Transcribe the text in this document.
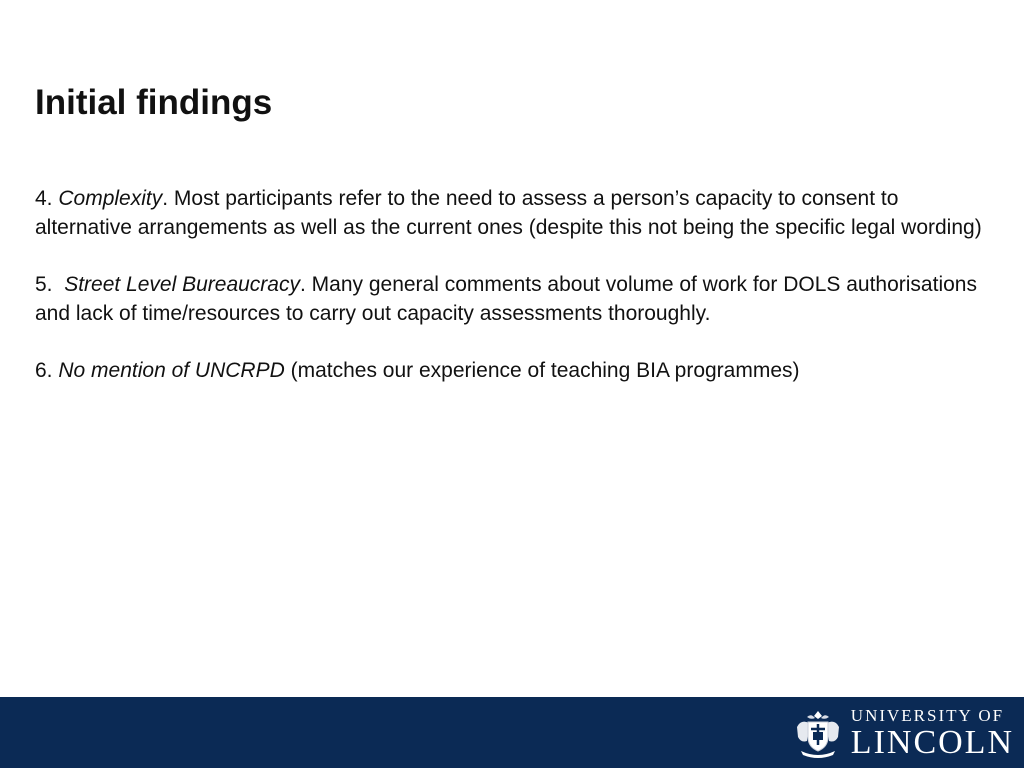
Initial findings

4. Complexity. Most participants refer to the need to assess a person’s capacity to consent to alternative arrangements as well as the current ones (despite this not being the specific legal wording)

5.  Street Level Bureaucracy. Many general comments about volume of work for DOLS authorisations and lack of time/resources to carry out capacity assessments thoroughly.

6. No mention of UNCRPD (matches our experience of teaching BIA programmes)

UNIVERSITY OF
LINCOLN
